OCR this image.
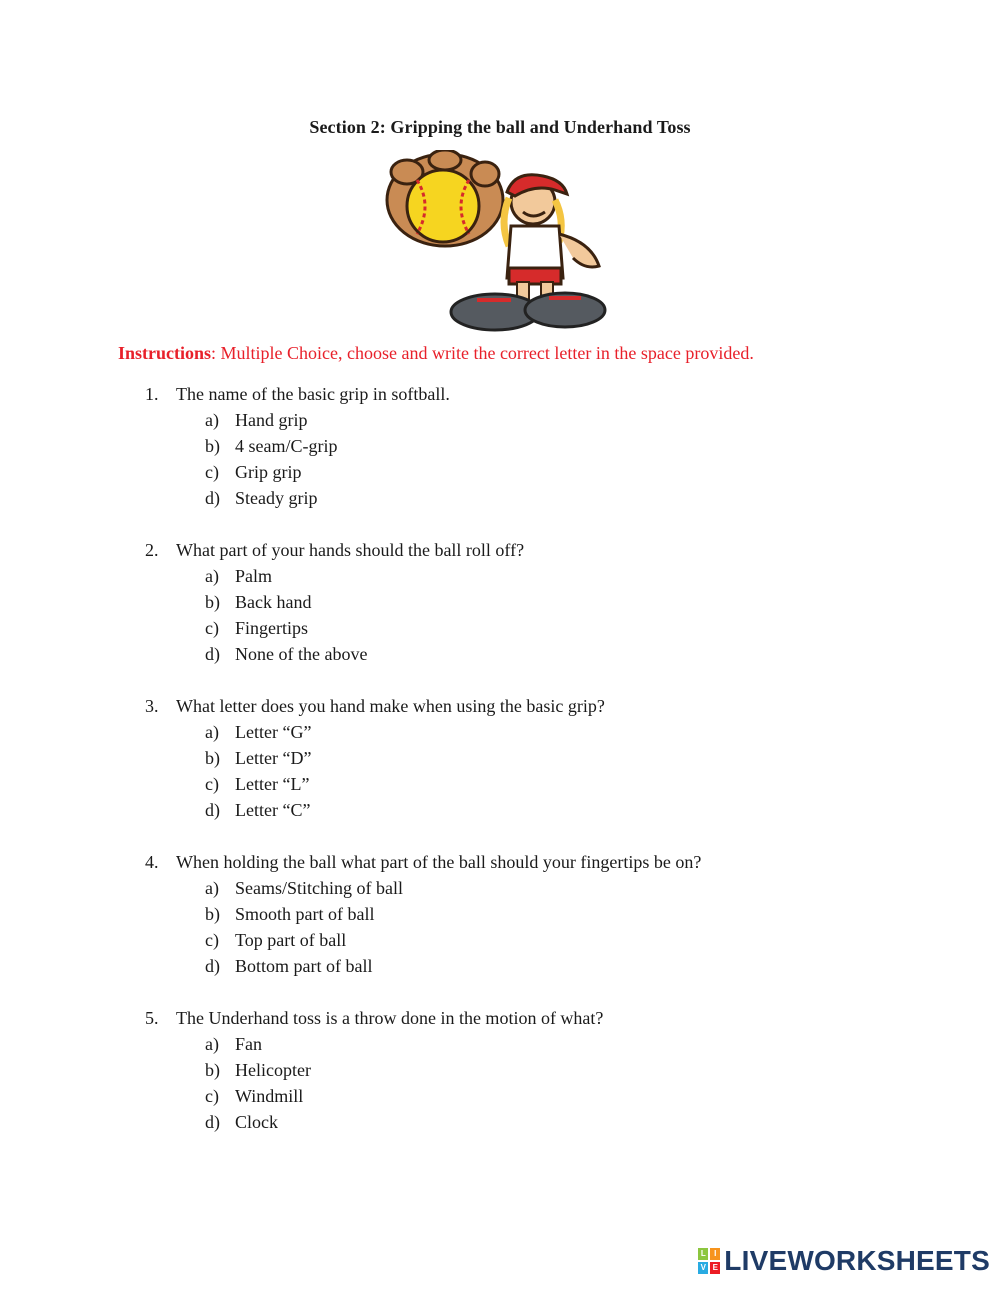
Section 2: Gripping the ball and Underhand Toss
Instructions: Multiple Choice, choose and write the correct letter in the space provided.
1. The name of the basic grip in softball.
a) Hand grip
b) 4 seam/C-grip
c) Grip grip
d) Steady grip
2. What part of your hands should the ball roll off?
a) Palm
b) Back hand
c) Fingertips
d) None of the above
3. What letter does you hand make when using the basic grip?
a) Letter “G”
b) Letter “D”
c) Letter “L”
d) Letter “C”
4. When holding the ball what part of the ball should your fingertips be on?
a) Seams/Stitching of ball
b) Smooth part of ball
c) Top part of ball
d) Bottom part of ball
5. The Underhand toss is a throw done in the motion of what?
a) Fan
b) Helicopter
c) Windmill
d) Clock
L	I
V E LIVEWORKSHEETS
